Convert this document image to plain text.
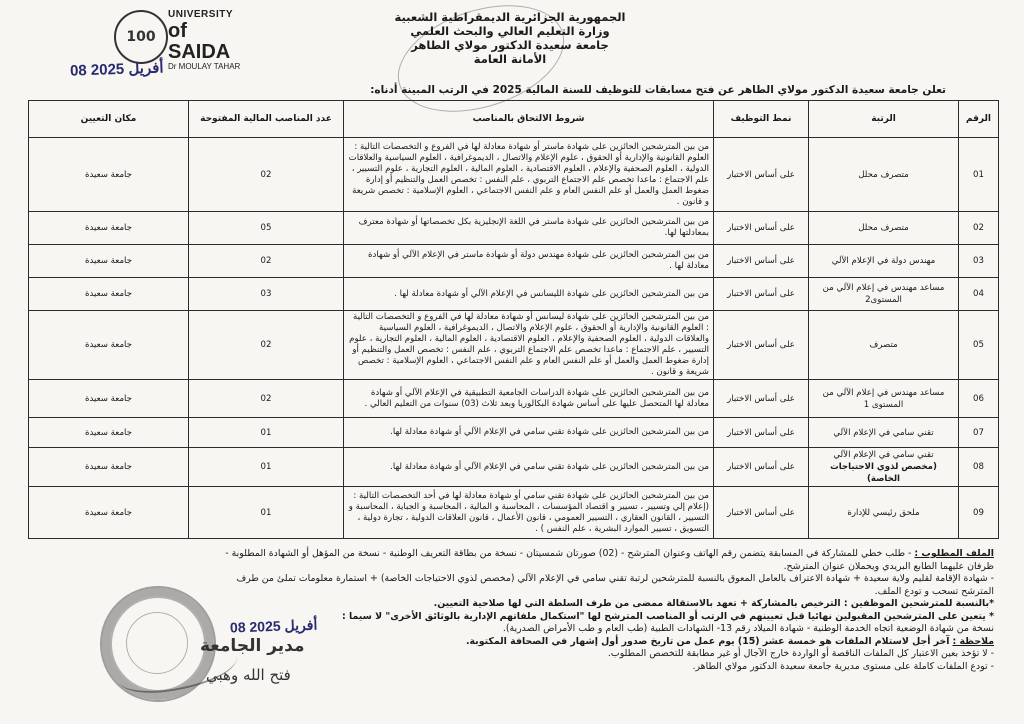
100
UNIVERSITY
of SAIDA
Dr MOULAY TAHAR
08 أفريل 2025
الجمهورية الجزائرية الديمقراطية الشعبية
وزارة التعليم العالي والبحث العلمي
جامعة سعيدة الدكتور مولاي الطاهر
الأمانة العامة
تعلن جامعة سعيدة الدكتور مولاي الطاهر عن فتح مسابقات للتوظيف للسنة المالية 2025 في الرتب المبينة أدناه:
الرقم	الرتبة	نمط التوظيف	شروط الالتحاق بالمناصب	عدد المناصب المالية المفتوحة	مكان التعيين
01	متصرف محلل	على أساس الاختبار	من بين المترشحين الحائزين على شهادة ماستر أو شهادة معادلة لها في الفروع و التخصصات التالية : العلوم القانونية والإدارية أو الحقوق ، علوم الإعلام والاتصال ، الديموغرافية ، العلوم السياسية والعلاقات الدولية ، العلوم الصحفية والإعلام ، العلوم الاقتصادية ، العلوم المالية ، العلوم التجارية ، علوم التسيير ، علم الاجتماع : ماعدا تخصص علم الاجتماع التربوي ، علم النفس : تخصص العمل والتنظيم أو إدارة ضغوط العمل والعمل أو علم النفس العام و علم النفس الاجتماعي ، العلوم الإسلامية : تخصص شريعة و قانون .	02	جامعة سعيدة
02	متصرف محلل	على أساس الاختبار	من بين المترشحين الحائزين على شهادة ماستر في اللغة الإنجليزية بكل تخصصاتها أو شهادة معترف بمعادلتها لها.	05	جامعة سعيدة
03	مهندس دولة في الإعلام الآلي	على أساس الاختبار	من بين المترشحين الحائزين على شهادة مهندس دولة أو شهادة ماستر في الإعلام الآلي أو شهادة معادلة لها .	02	جامعة سعيدة
04	مساعد مهندس في إعلام الآلي من المستوى2	على أساس الاختبار	من بين المترشحين الحائزين على شهادة الليسانس في الإعلام الآلي أو شهادة معادلة لها .	03	جامعة سعيدة
05	متصرف	على أساس الاختبار	من بين المترشحين الحائزين على شهادة ليسانس أو شهادة معادلة لها في الفروع و التخصصات التالية : العلوم القانونية والإدارية أو الحقوق ، علوم الإعلام والاتصال ، الديموغرافية ، العلوم السياسية والعلاقات الدولية ، العلوم الصحفية والإعلام ، العلوم الاقتصادية ، العلوم المالية ، العلوم التجارية ، علوم التسيير ، علم الاجتماع : ماعدا تخصص علم الاجتماع التربوي ، علم النفس : تخصص العمل والتنظيم أو إدارة ضغوط العمل والعمل أو علم النفس العام و علم النفس الاجتماعي ، العلوم الإسلامية : تخصص شريعة و قانون .	02	جامعة سعيدة
06	مساعد مهندس في إعلام الآلي من المستوى 1	على أساس الاختبار	من بين المترشحين الحائزين على شهادة الدراسات الجامعية التطبيقية في الإعلام الآلي أو شهادة معادلة لها المتحصل عليها على أساس شهادة البكالوريا وبعد ثلاث (03) سنوات من التعليم العالي .	02	جامعة سعيدة
07	تقني سامي في الإعلام الآلي	على أساس الاختبار	من بين المترشحين الحائزين على شهادة تقني سامي في الإعلام الآلي أو شهادة معادلة لها.	01	جامعة سعيدة
08	تقني سامي في الإعلام الآلي
(مخصص لذوي الاحتياجات الخاصة)	على أساس الاختبار	من بين المترشحين الحائزين على شهادة تقني سامي في الإعلام الآلي أو شهادة معادلة لها.	01	جامعة سعيدة
09	ملحق رئيسي للإدارة	على أساس الاختبار	من بين المترشحين الحائزين على شهادة تقني سامي أو شهادة معادلة لها في أحد التخصصات التالية : (إعلام إلي وتسيير ، تسيير و اقتصاد المؤسسات ، المحاسبة و المالية ، المحاسبة و الجباية ، المحاسبة و التسيير ، القانون العقاري ، التسيير العمومي ، قانون الأعمال ، قانون العلاقات الدولية ، تجارة دولية ، التسويق ، تسيير الموارد البشرية ، علم النفس ) .	01	جامعة سعيدة

الملف المطلوب : - طلب خطي للمشاركة في المسابقة يتضمن رقم الهاتف وعنوان المترشح - (02) صورتان شمسيتان - نسخة من بطاقة التعريف الوطنية - نسخة من المؤهل أو الشهادة المطلوبة - ظرفان عليهما الطابع البريدي ويحملان عنوان المترشح.

- شهادة الإقامة لقليم ولاية سعيدة + شهادة الاعتراف بالعامل المعوق بالنسبة للمترشحين لرتبة تقني سامي في الإعلام الآلي (مخصص لذوي الاحتياجات الخاصة) + استمارة معلومات تملئ من طرف المترشح تسحب و تودع الملف.

*بالنسبة للمترشحين الموظفين : الترخيص بالمشاركة + تعهد بالاستقالة ممضى من طرف السلطة التي لها صلاحية التعيين.

* يتعين على المترشحين المقبولين نهائيا قبل تعيينهم في الرتب أو المناصب المترشح لها "استكمال ملفاتهم الإدارية بالوثائق الأخرى" لا سيما :

نسخة من شهادة الوضعية اتجاه الخدمة الوطنية - شهادة الميلاد رقم 13- الشهادات الطبية (طب العام و طب الأمراض الصدرية).

ملاحظة : آخر أجل لاستلام الملفات هو خمسة عشر (15) يوم عمل من تاريخ صدور أول إشهار في الصحافة المكتوبة.

- لا تؤخذ بعين الاعتبار كل الملفات الناقصة أو الواردة خارج الآجال أو غير مطابقة للتخصص المطلوب.

- تودع الملفات كاملة على مستوى مديرية جامعة سعيدة الدكتور مولاي الطاهر.

08 أفريل 2025
مدير الجامعة
فتح الله وهبي
